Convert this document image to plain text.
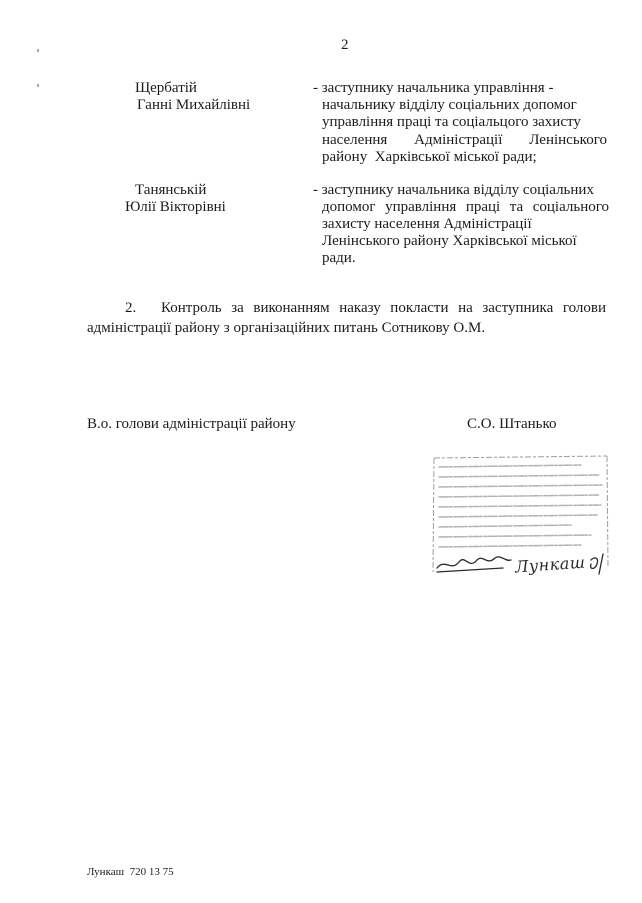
2
Щербатій
Ганні Михайлівні
- заступнику начальника управління -
начальнику відділу соціальних допомог
управління праці та соціальцого захисту
населення Адміністрації Ленінського
району  Харківської міської ради;
Танянській
Юлії Вікторівні
- заступнику начальника відділу соціальних
допомог управління праці та соціального
захисту населення Адміністрації
Ленінського району Харківської міської
ради.
2. Контроль за виконанням наказу покласти на заступника голови
адміністрації району з організаційних питань Сотникову О.М.
В.о. голови адміністрації району	С.О. Штанько
Лункаш
Лункаш  720 13 75
